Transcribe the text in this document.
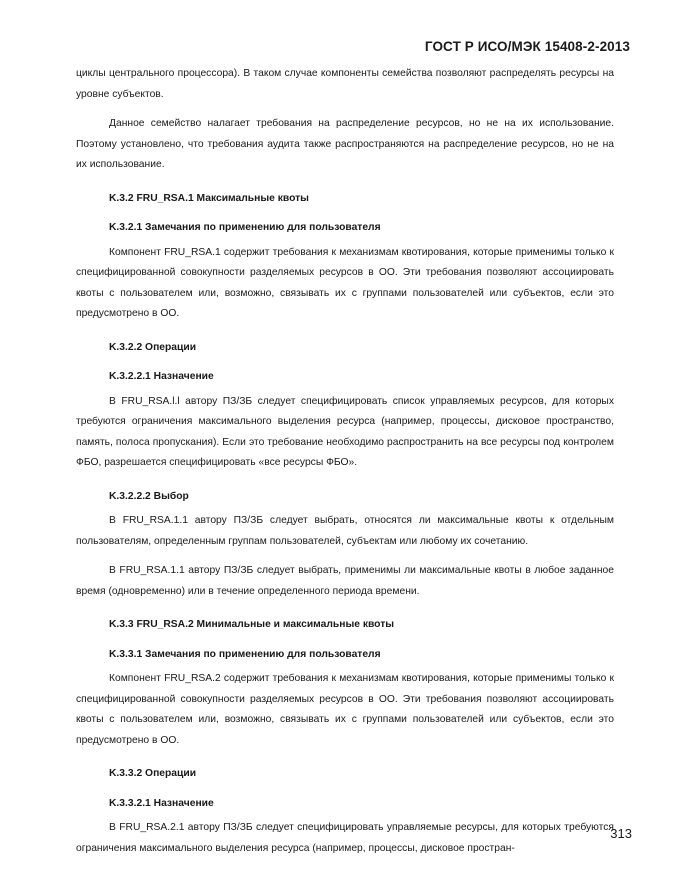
ГОСТ Р ИСО/МЭК 15408-2-2013

циклы центрального процессора). В таком случае компоненты семейства позволяют распределять ресурсы на уровне субъектов.

Данное семейство налагает требования на распределение ресурсов, но не на их использование. Поэтому установлено, что требования аудита также распространяются на распределение ресурсов, но не на их использование.

K.3.2 FRU_RSA.1 Максимальные квоты
K.3.2.1 Замечания по применению для пользователя

Компонент FRU_RSA.1 содержит требования к механизмам квотирования, которые применимы только к специфицированной совокупности разделяемых ресурсов в ОО. Эти требования позволяют ассоциировать квоты с пользователем или, возможно, связывать их с группами пользователей или субъектов, если это предусмотрено в ОО.

K.3.2.2 Операции
K.3.2.2.1 Назначение

В FRU_RSA.l.l автору ПЗ/ЗБ следует специфицировать список управляемых ресурсов, для которых требуются ограничения максимального выделения ресурса (например, процессы, дисковое пространство, память, полоса пропускания). Если это требование необходимо распространить на все ресурсы под контролем ФБО, разрешается специфицировать «все ресурсы ФБО».

K.3.2.2.2 Выбор

В FRU_RSA.1.1 автору ПЗ/ЗБ следует выбрать, относятся ли максимальные квоты к отдельным пользователям, определенным группам пользователей, субъектам или любому их сочетанию.

В FRU_RSA.1.1 автору ПЗ/ЗБ следует выбрать, применимы ли максимальные квоты в любое заданное время (одновременно) или в течение определенного периода времени.

K.3.3 FRU_RSA.2 Минимальные и максимальные квоты
K.3.3.1 Замечания по применению для пользователя

Компонент FRU_RSA.2 содержит требования к механизмам квотирования, которые применимы только к специфицированной совокупности разделяемых ресурсов в ОО. Эти требования позволяют ассоциировать квоты с пользователем или, возможно, связывать их с группами пользователей или субъектов, если это предусмотрено в ОО.

K.3.3.2 Операции
K.3.3.2.1 Назначение

В FRU_RSA.2.1 автору ПЗ/ЗБ следует специфицировать управляемые ресурсы, для которых требуются ограничения максимального выделения ресурса (например, процессы, дисковое простран-

313
